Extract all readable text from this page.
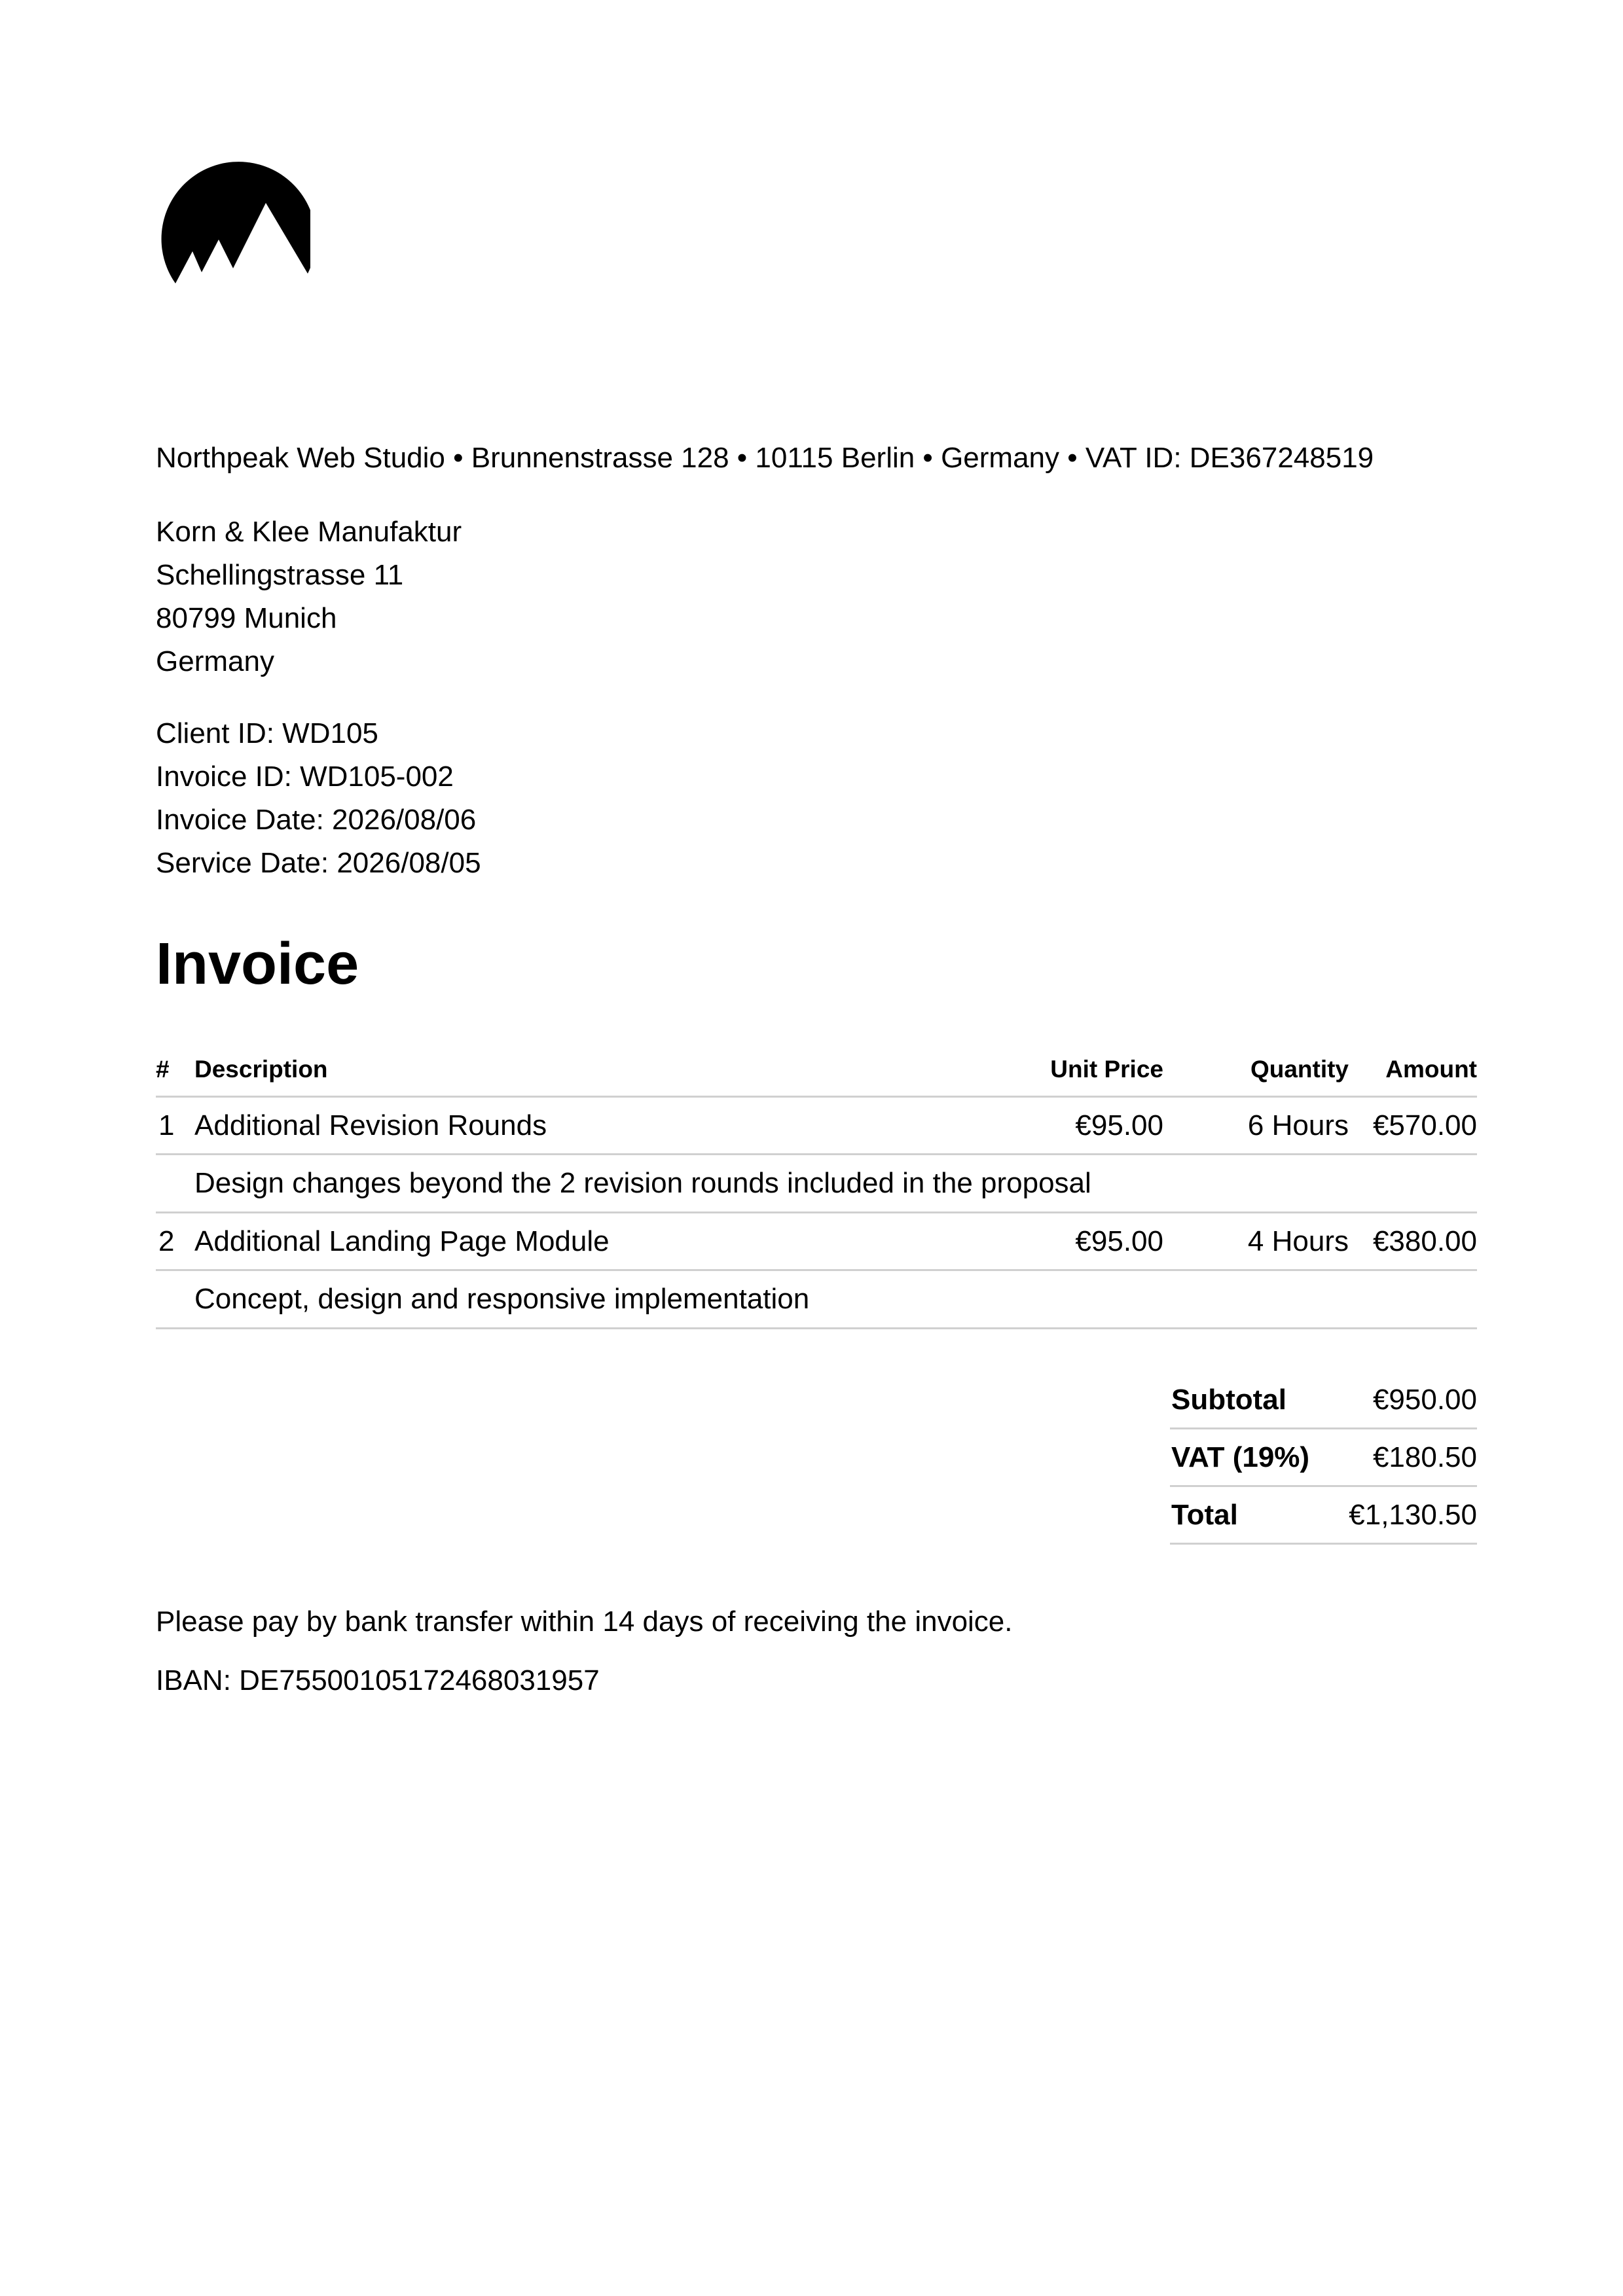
Northpeak Web Studio • Brunnenstrasse 128 • 10115 Berlin • Germany • VAT ID: DE367248519
Korn & Klee Manufaktur
Schellingstrasse 11
80799 Munich
Germany
Client ID: WD105
Invoice ID: WD105-002
Invoice Date: 2026/08/06
Service Date: 2026/08/05
Invoice
#	Description	Unit Price	Quantity	Amount
1	Additional Revision Rounds	€95.00	6 Hours	€570.00
	Design changes beyond the 2 revision rounds included in the proposal			
2	Additional Landing Page Module	€95.00	4 Hours	€380.00
	Concept, design and responsive implementation			
Subtotal	€950.00
VAT (19%)	€180.50
Total	€1,130.50
Please pay by bank transfer within 14 days of receiving the invoice.
IBAN: DE75500105172468031957
